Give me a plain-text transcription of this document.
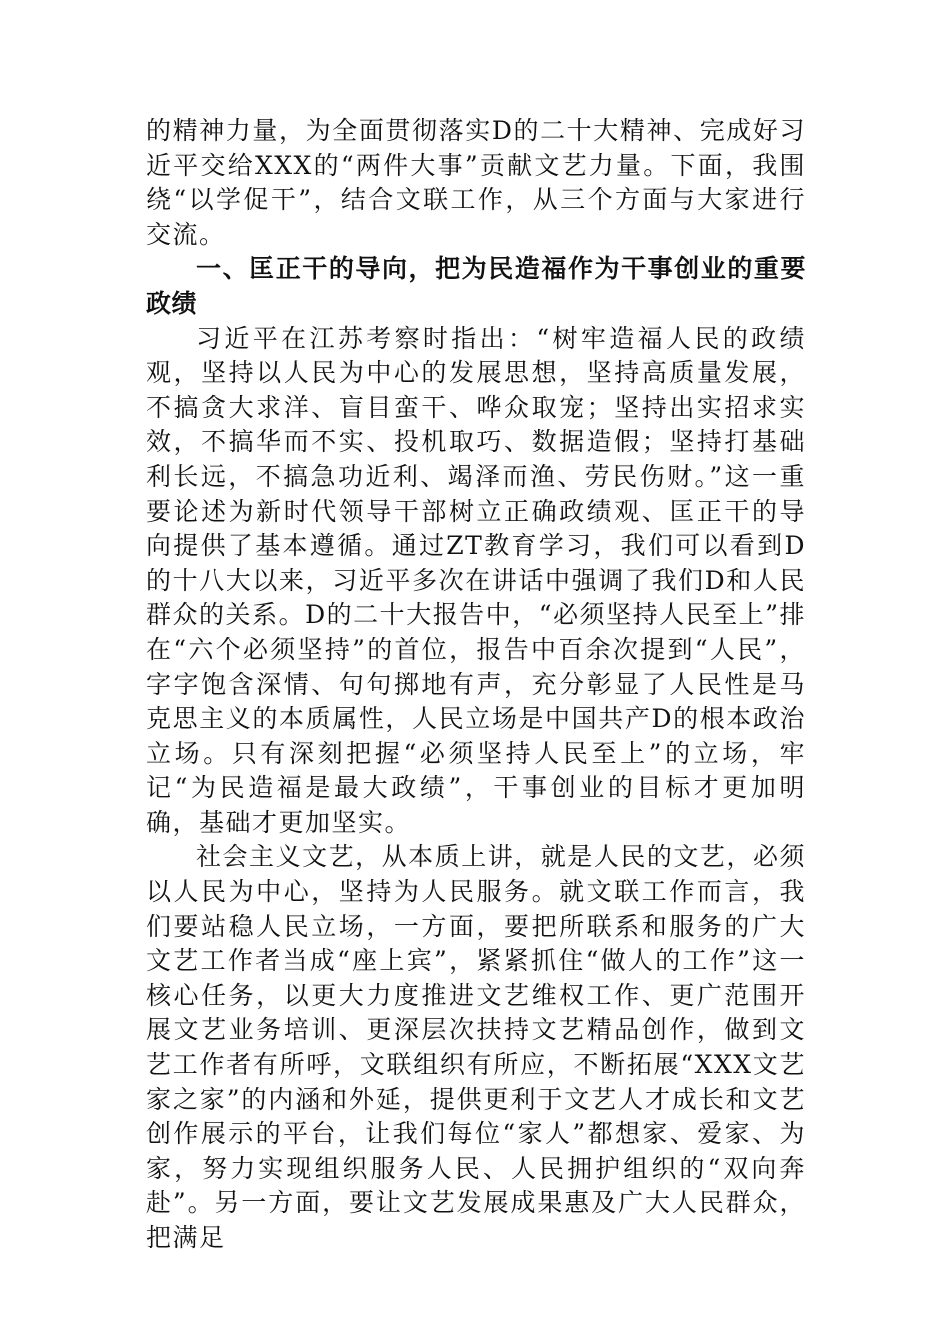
的精神力量，为全面贯彻落实D的二十大精神、完成好习近平交给XXX的“两件大事”贡献文艺力量。下面，我围绕“以学促干”，结合文联工作，从三个方面与大家进行交流。

一、匡正干的导向，把为民造福作为干事创业的重要政绩

习近平在江苏考察时指出：“树牢造福人民的政绩观，坚持以人民为中心的发展思想，坚持高质量发展，不搞贪大求洋、盲目蛮干、哗众取宠；坚持出实招求实效，不搞华而不实、投机取巧、数据造假；坚持打基础利长远，不搞急功近利、竭泽而渔、劳民伤财。”这一重要论述为新时代领导干部树立正确政绩观、匡正干的导向提供了基本遵循。通过ZT教育学习，我们可以看到D的十八大以来，习近平多次在讲话中强调了我们D和人民群众的关系。D的二十大报告中，“必须坚持人民至上”排在“六个必须坚持”的首位，报告中百余次提到“人民”，字字饱含深情、句句掷地有声，充分彰显了人民性是马克思主义的本质属性，人民立场是中国共产D的根本政治立场。只有深刻把握“必须坚持人民至上”的立场，牢记“为民造福是最大政绩”，干事创业的目标才更加明确，基础才更加坚实。

社会主义文艺，从本质上讲，就是人民的文艺，必须以人民为中心，坚持为人民服务。就文联工作而言，我们要站稳人民立场，一方面，要把所联系和服务的广大文艺工作者当成“座上宾”，紧紧抓住“做人的工作”这一核心任务，以更大力度推进文艺维权工作、更广范围开展文艺业务培训、更深层次扶持文艺精品创作，做到文艺工作者有所呼，文联组织有所应，不断拓展“XXX文艺家之家”的内涵和外延，提供更利于文艺人才成长和文艺创作展示的平台，让我们每位“家人”都想家、爱家、为家，努力实现组织服务人民、人民拥护组织的“双向奔赴”。另一方面，要让文艺发展成果惠及广大人民群众，把满足
